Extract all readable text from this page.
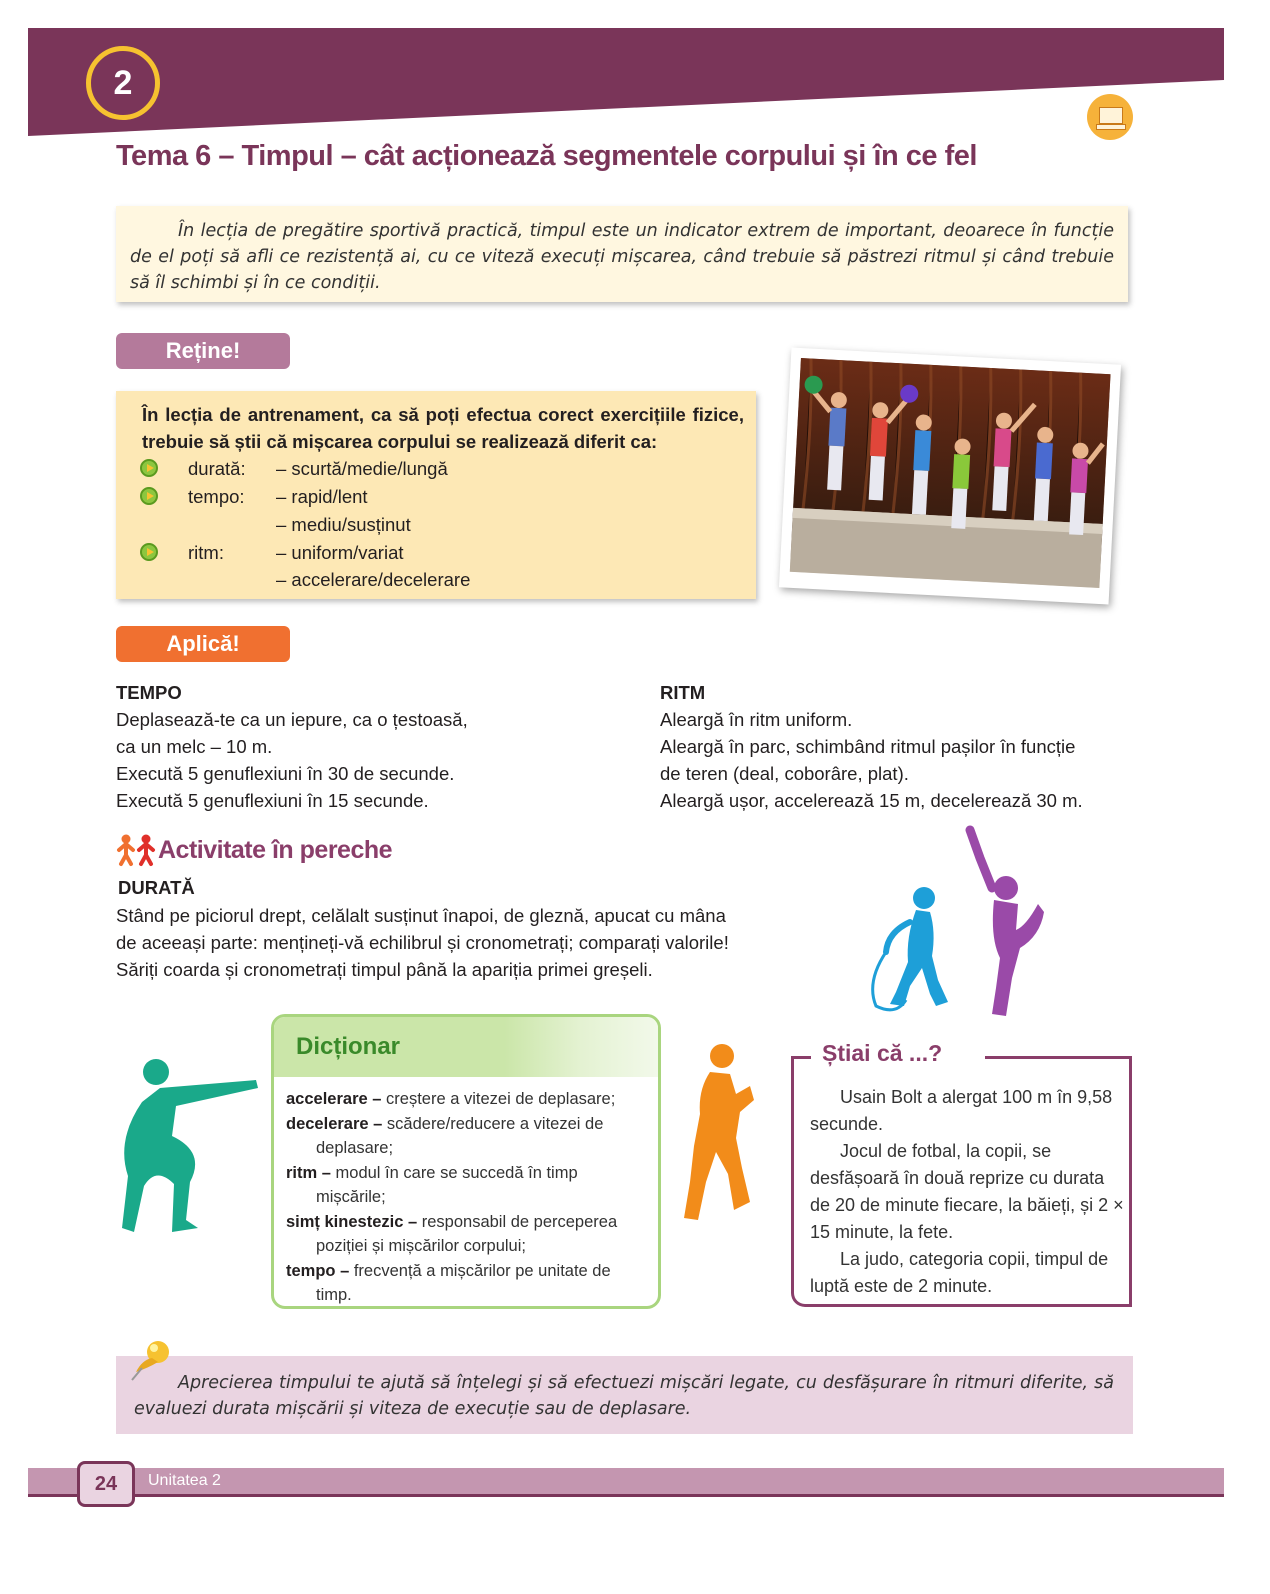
2
Tema 6 – Timpul – cât acționează segmentele corpului și în ce fel
În lecția de pregătire sportivă practică, timpul este un indicator extrem de important, deoarece în funcție de el poți să afli ce rezistență ai, cu ce viteză execuți mișcarea, când trebuie să păstrezi ritmul și când trebuie să îl schimbi și în ce condiții.
Reține!
În lecția de antrenament, ca să poți efectua corect exercițiile fizice, trebuie să știi că mișcarea corpului se realizează diferit ca:
durată: – scurtă/medie/lungă
tempo: – rapid/lent
– mediu/susținut
ritm:	– uniform/variat
– accelerare/decelerare
Aplică!
TEMPO
Deplasează-te ca un iepure, ca o țestoasă,
ca un melc – 10 m.
Execută 5 genuflexiuni în 30 de secunde.
Execută 5 genuflexiuni în 15 secunde.
RITM
Aleargă în ritm uniform.
Aleargă în parc, schimbând ritmul pașilor în funcție
de teren (deal, coborâre, plat).
Aleargă ușor, accelerează 15 m, decelerează 30 m.
Activitate în pereche
DURATĂ
Stând pe piciorul drept, celălalt susținut înapoi, de gleznă, apucat cu mâna
de aceeași parte: mențineți-vă echilibrul și cronometrați; comparați valorile!
Săriți coarda și cronometrați timpul până la apariția primei greșeli.
Dicționar
accelerare – creștere a vitezei de deplasare;
decelerare – scădere/reducere a vitezei de deplasare;
ritm – modul în care se succedă în timp mișcările;
simț kinestezic – responsabil de perceperea poziției și mișcărilor corpului;
tempo – frecvență a mișcărilor pe unitate de timp.
Știai că ...?

Usain Bolt a alergat 100 m în 9,58 secunde.

Jocul de fotbal, la copii, se desfășoară în două reprize cu durata de 20 de minute fiecare, la băieți, și 2 × 15 minute, la fete.

La judo, categoria copii, timpul de luptă este de 2 minute.

Aprecierea timpului te ajută să înțelegi și să efectuezi mișcări legate, cu desfășurare în ritmuri diferite, să evaluezi durata mișcării și viteza de execuție sau de deplasare.
24	Unitatea 2
